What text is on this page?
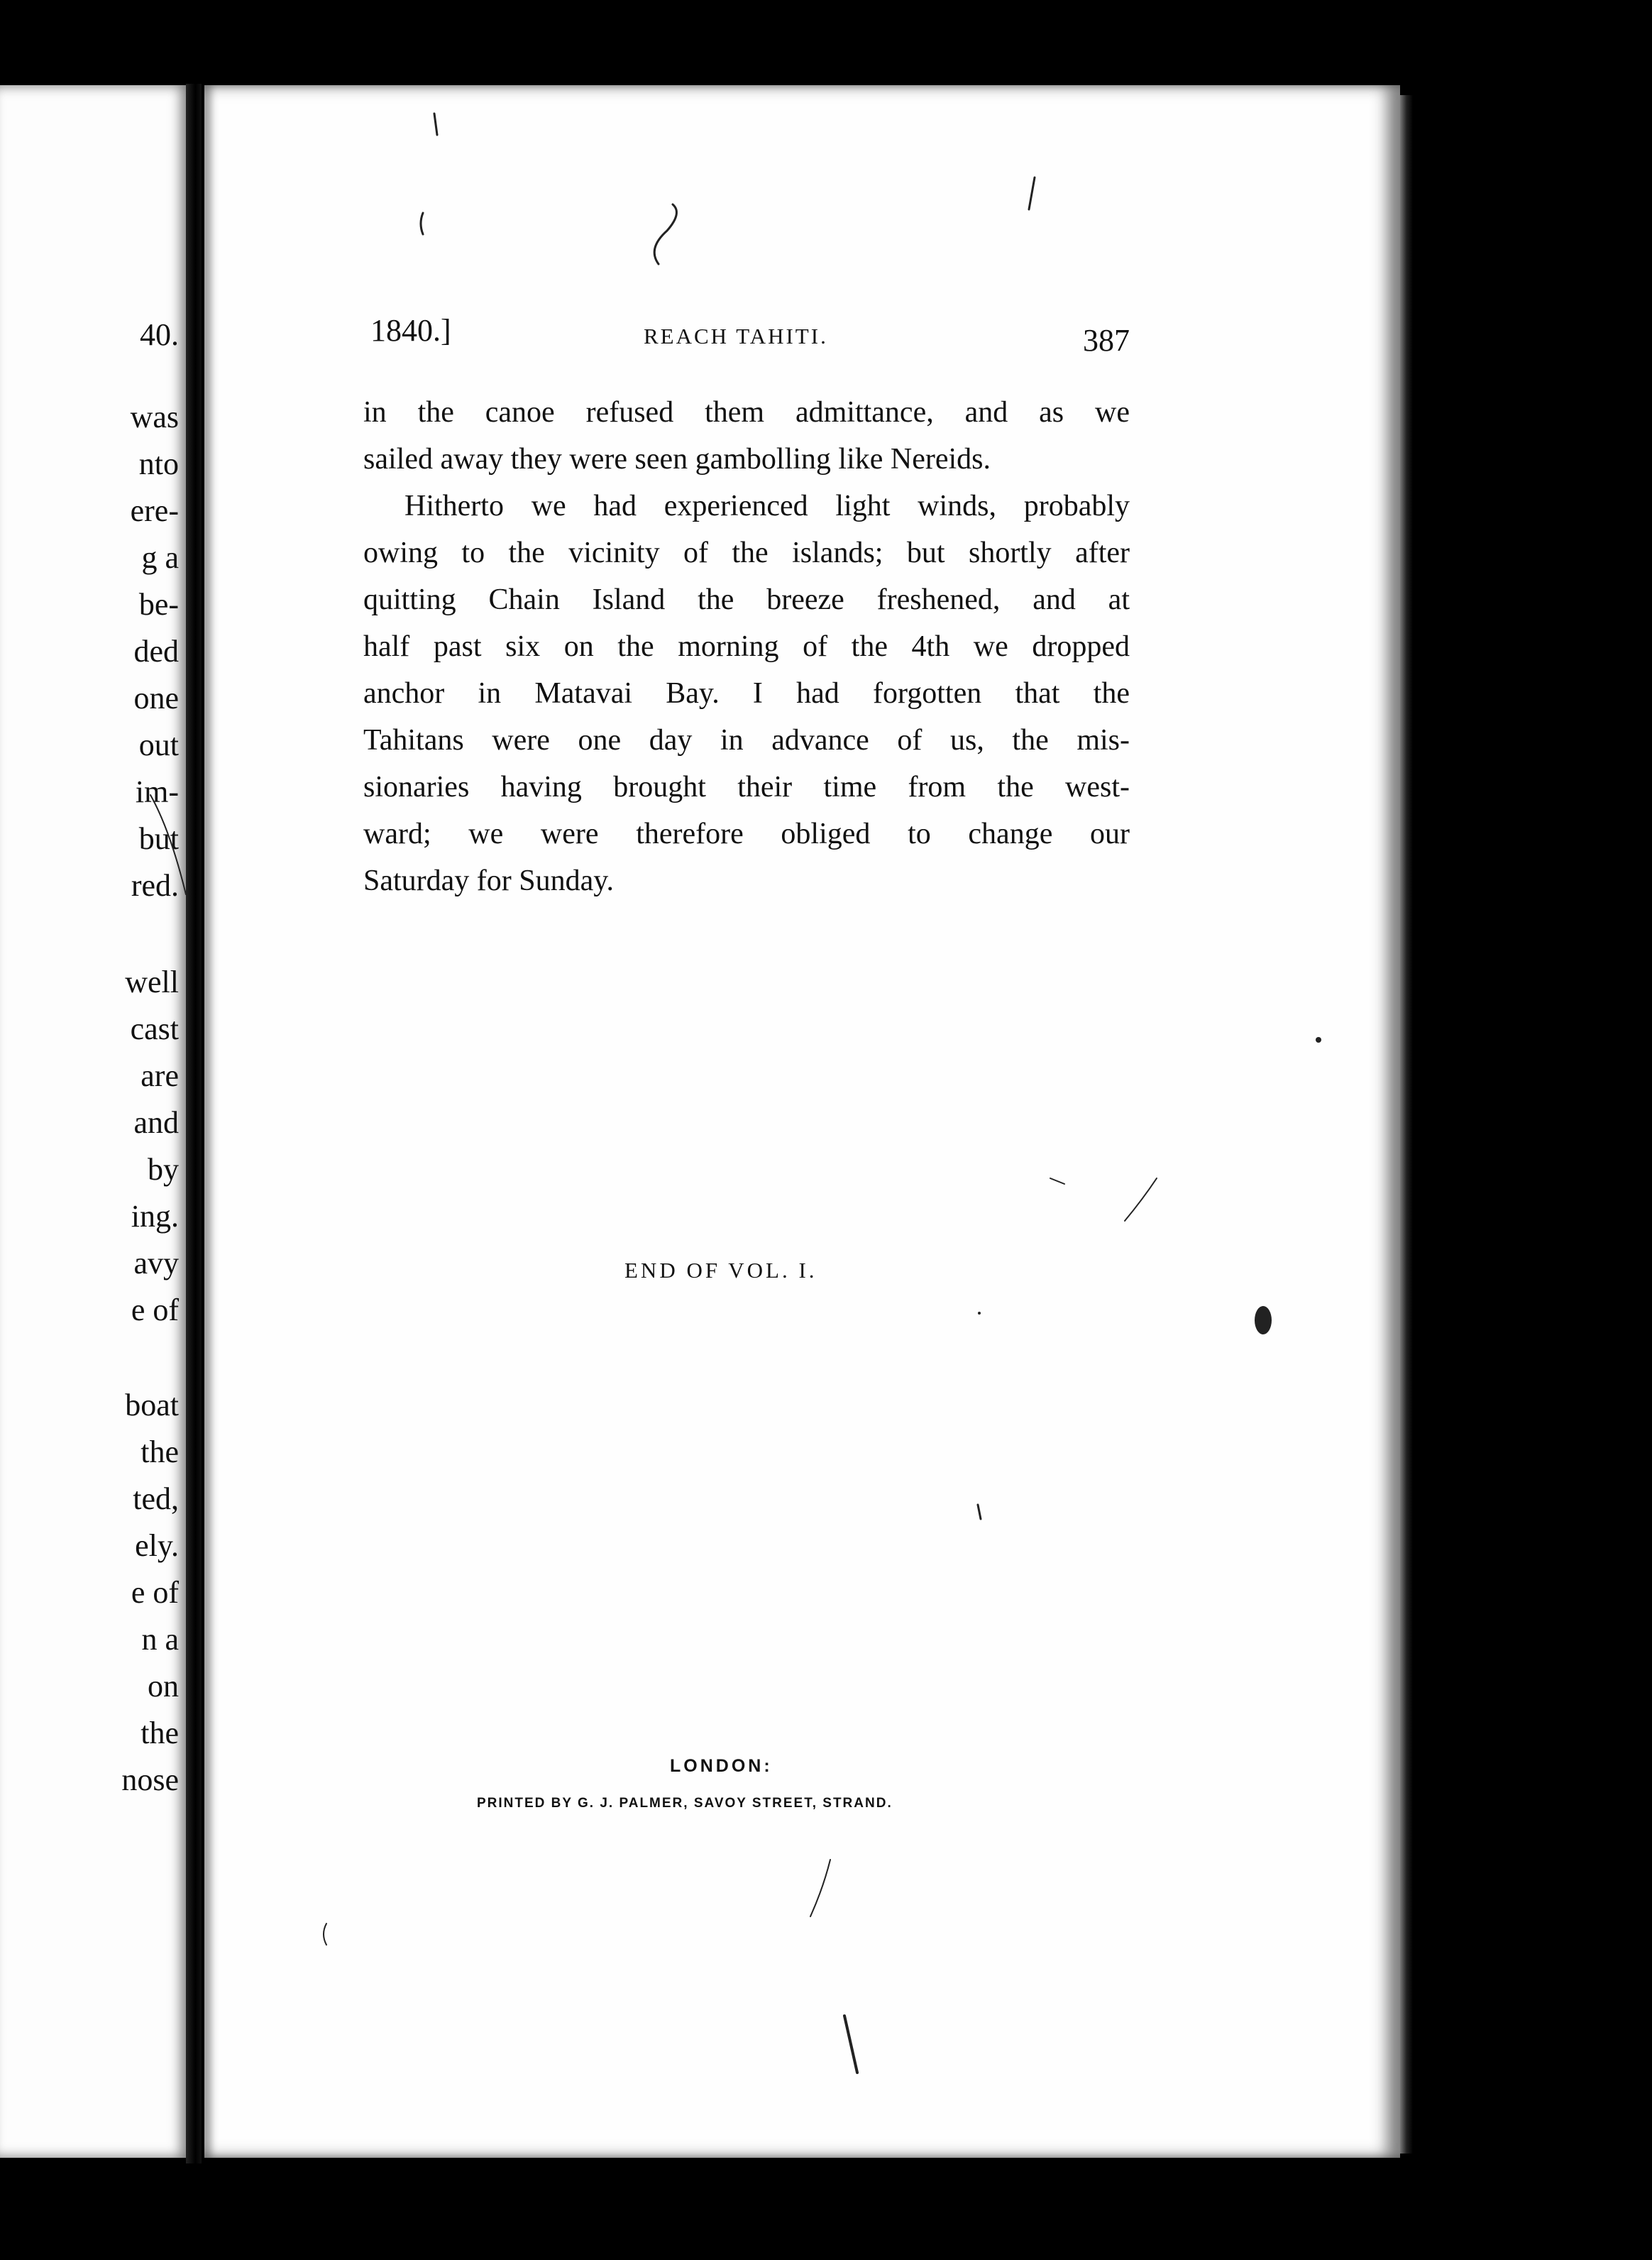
40.

was

nto

ere-

g a

be-

ded

one

out

im-

but

red.

well

cast

are

and

by

ing.

avy

e of

boat

the

ted,

ely.

e of

n a

on

the

nose

1840.]	REACH TAHITI.	387
in the canoe refused them admittance, and as we
sailed away they were seen gambolling like Nereids.
Hitherto we had experienced light winds, probably
owing to the vicinity of the islands; but shortly after
quitting Chain Island the breeze freshened, and at
half past six on the morning of the 4th we dropped
anchor in Matavai Bay. I had forgotten that the
Tahitans were one day in advance of us, the mis-
sionaries having brought their time from the west-
ward; we were therefore obliged to change our
Saturday for Sunday.

END OF VOL. I.

LONDON:

PRINTED BY G. J. PALMER, SAVOY STREET, STRAND.
